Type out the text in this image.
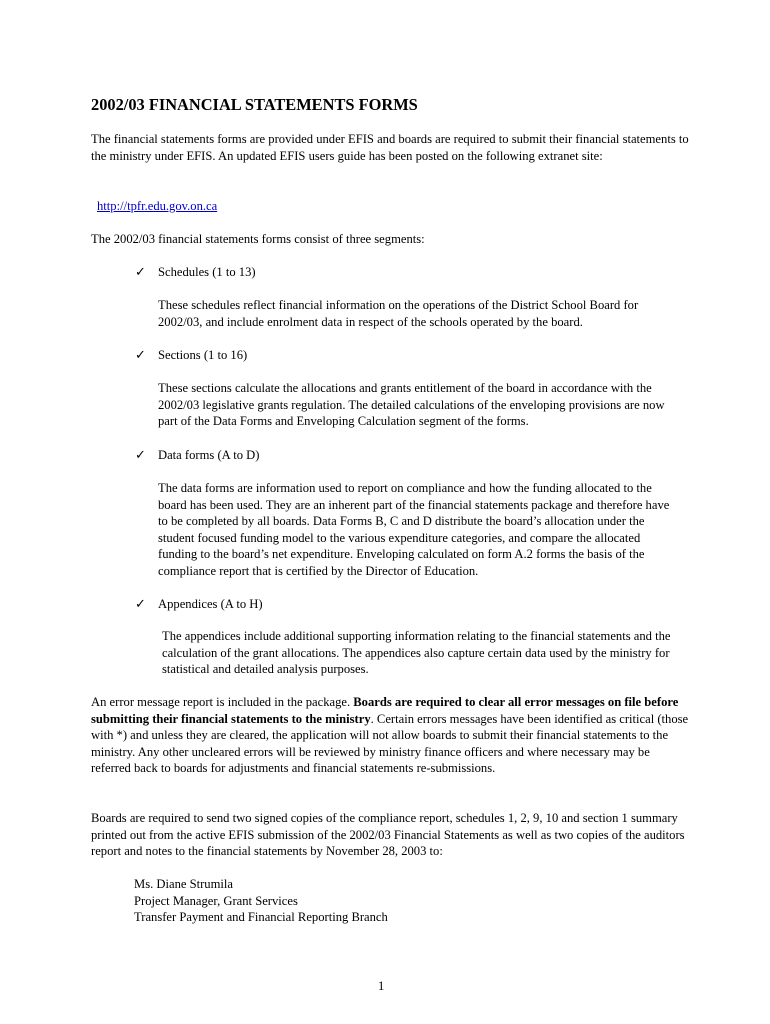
2002/03 FINANCIAL STATEMENTS FORMS

The financial statements forms are provided under EFIS and boards are required to submit their financial statements to the ministry under EFIS. An updated EFIS users guide has been posted on the following extranet site:

http://tpfr.edu.gov.on.ca

The 2002/03 financial statements forms consist of three segments:

✓ Schedules (1 to 13)

These schedules reflect financial information on the operations of the District School Board for 2002/03, and include enrolment data in respect of the schools operated by the board.

✓ Sections (1 to 16)

These sections calculate the allocations and grants entitlement of the board in accordance with the 2002/03 legislative grants regulation. The detailed calculations of the enveloping provisions are now part of the Data Forms and Enveloping Calculation segment of the forms.

✓ Data forms (A to D)

The data forms are information used to report on compliance and how the funding allocated to the board has been used. They are an inherent part of the financial statements package and therefore have to be completed by all boards. Data Forms B, C and D distribute the board’s allocation under the student focused funding model to the various expenditure categories, and compare the allocated funding to the board’s net expenditure. Enveloping calculated on form A.2 forms the basis of the compliance report that is certified by the Director of Education.

✓ Appendices (A to H)

The appendices include additional supporting information relating to the financial statements and the calculation of the grant allocations. The appendices also capture certain data used by the ministry for statistical and detailed analysis purposes.

An error message report is included in the package. Boards are required to clear all error messages on file before submitting their financial statements to the ministry. Certain errors messages have been identified as critical (those with *) and unless they are cleared, the application will not allow boards to submit their financial statements to the ministry. Any other uncleared errors will be reviewed by ministry finance officers and where necessary may be referred back to boards for adjustments and financial statements re-submissions.

Boards are required to send two signed copies of the compliance report, schedules 1, 2, 9, 10 and section 1 summary printed out from the active EFIS submission of the 2002/03 Financial Statements as well as two copies of the auditors report and notes to the financial statements by November 28, 2003 to:

Ms. Diane Strumila
Project Manager, Grant Services
Transfer Payment and Financial Reporting Branch
1
